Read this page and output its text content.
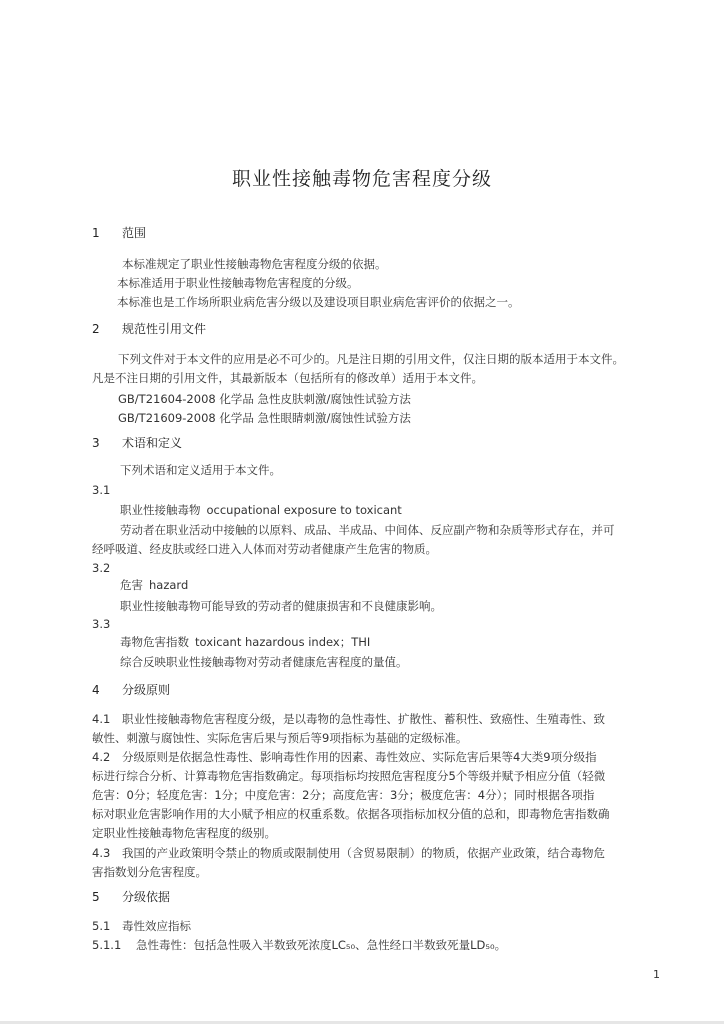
职业性接触毒物危害程度分级
1 范围
本标准规定了职业性接触毒物危害程度分级的依据。
本标准适用于职业性接触毒物危害程度的分级。
本标准也是工作场所职业病危害分级以及建设项目职业病危害评价的依据之一。
2 规范性引用文件
下列文件对于本文件的应用是必不可少的。凡是注日期的引用文件，仅注日期的版本适用于本文件。
凡是不注日期的引用文件，其最新版本（包括所有的修改单）适用于本文件。
GB/T21604-2008 化学品 急性皮肤刺激/腐蚀性试验方法
GB/T21609-2008 化学品 急性眼睛刺激/腐蚀性试验方法
3 术语和定义
下列术语和定义适用于本文件。
3.1
职业性接触毒物 occupational exposure to toxicant
劳动者在职业活动中接触的以原料、成品、半成品、中间体、反应副产物和杂质等形式存在，并可
经呼吸道、经皮肤或经口进入人体而对劳动者健康产生危害的物质。
3.2
危害 hazard
职业性接触毒物可能导致的劳动者的健康损害和不良健康影响。
3.3
毒物危害指数 toxicant hazardous index；THI
综合反映职业性接触毒物对劳动者健康危害程度的量值。
4 分级原则
4.1 职业性接触毒物危害程度分级，是以毒物的急性毒性、扩散性、蓄积性、致癌性、生殖毒性、致
敏性、刺激与腐蚀性、实际危害后果与预后等9项指标为基础的定级标准。
4.2 分级原则是依据急性毒性、影响毒性作用的因素、毒性效应、实际危害后果等4大类9项分级指
标进行综合分析、计算毒物危害指数确定。每项指标均按照危害程度分5个等级并赋予相应分值（轻微
危害：0分；轻度危害：1分；中度危害：2分；高度危害：3分；极度危害：4分）；同时根据各项指
标对职业危害影响作用的大小赋予相应的权重系数。依据各项指标加权分值的总和，即毒物危害指数确
定职业性接触毒物危害程度的级别。
4.3 我国的产业政策明令禁止的物质或限制使用（含贸易限制）的物质，依据产业政策，结合毒物危
害指数划分危害程度。
5 分级依据
5.1 毒性效应指标
5.1.1 急性毒性：包括急性吸入半数致死浓度LC₅₀、急性经口半数致死量LD₅₀。
1
